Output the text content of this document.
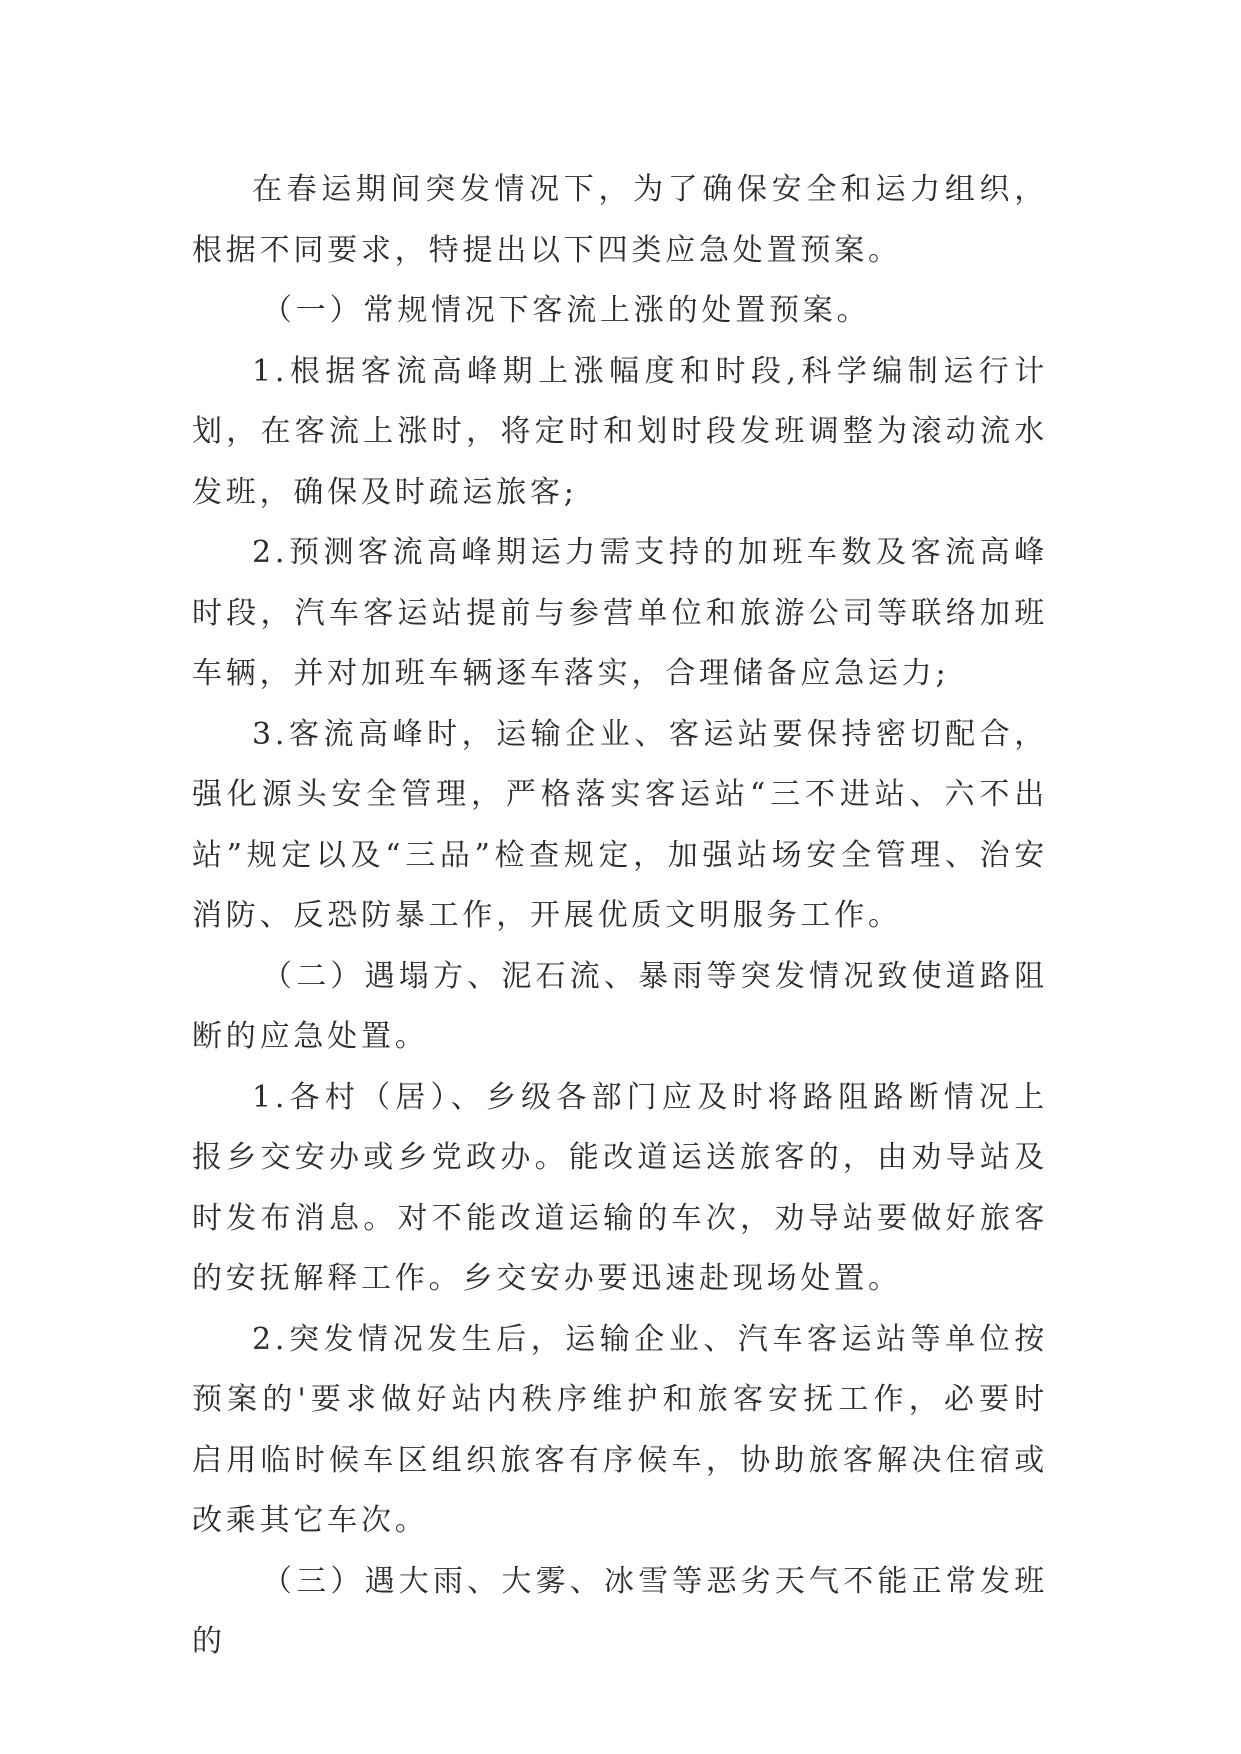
在春运期间突发情况下，为了确保安全和运力组织，根据不同要求，特提出以下四类应急处置预案。

（一）常规情况下客流上涨的处置预案。

1.根据客流高峰期上涨幅度和时段,科学编制运行计划，在客流上涨时，将定时和划时段发班调整为滚动流水发班，确保及时疏运旅客;

2.预测客流高峰期运力需支持的加班车数及客流高峰时段，汽车客运站提前与参营单位和旅游公司等联络加班车辆，并对加班车辆逐车落实，合理储备应急运力;

3.客流高峰时，运输企业、客运站要保持密切配合，强化源头安全管理，严格落实客运站“三不进站、六不出站”规定以及“三品”检查规定，加强站场安全管理、治安消防、反恐防暴工作，开展优质文明服务工作。

（二）遇塌方、泥石流、暴雨等突发情况致使道路阻断的应急处置。

1.各村（居）、乡级各部门应及时将路阻路断情况上报乡交安办或乡党政办。能改道运送旅客的，由劝导站及时发布消息。对不能改道运输的车次，劝导站要做好旅客的安抚解释工作。乡交安办要迅速赴现场处置。

2.突发情况发生后，运输企业、汽车客运站等单位按预案的'要求做好站内秩序维护和旅客安抚工作，必要时启用临时候车区组织旅客有序候车，协助旅客解决住宿或改乘其它车次。

（三）遇大雨、大雾、冰雪等恶劣天气不能正常发班的
